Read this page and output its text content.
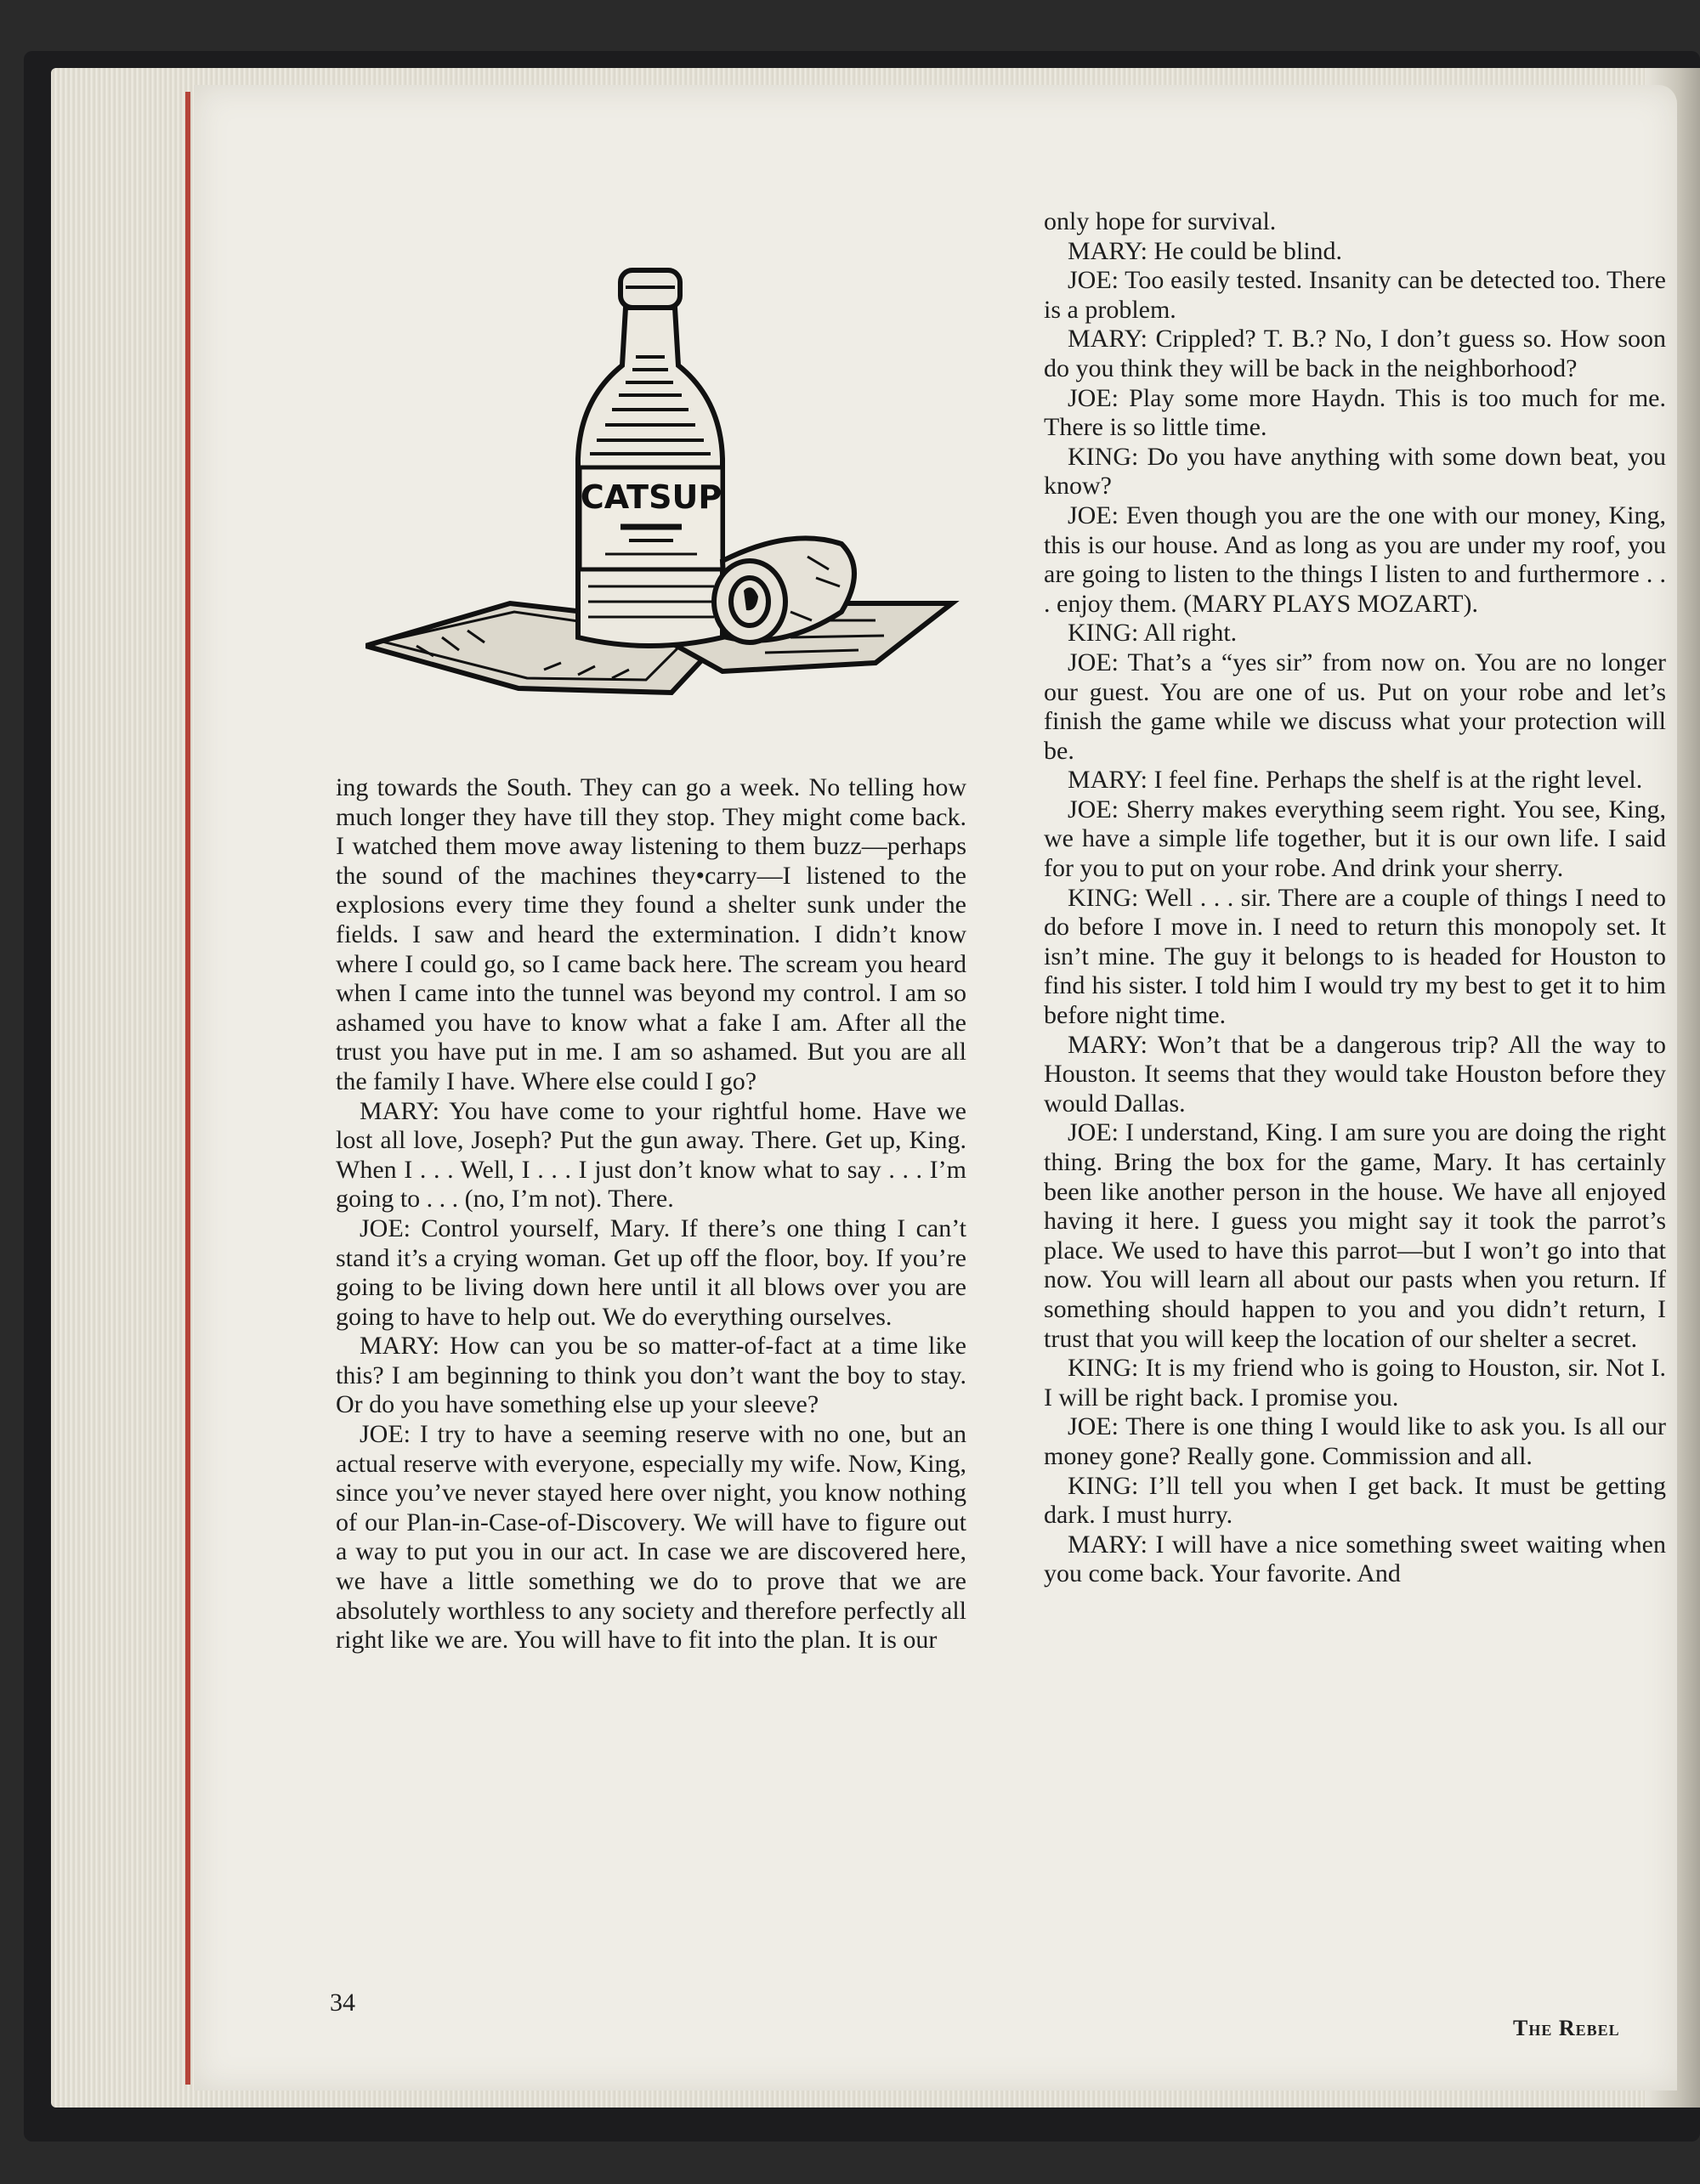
CATSUP

ing towards the South. They can go a week. No telling how much longer they have till they stop. They might come back. I watched them move away listening to them buzz—perhaps the sound of the machines they•carry—I listened to the explosions every time they found a shelter sunk under the fields. I saw and heard the extermination. I didn’t know where I could go, so I came back here. The scream you heard when I came into the tunnel was beyond my control. I am so ashamed you have to know what a fake I am. After all the trust you have put in me. I am so ashamed. But you are all the family I have. Where else could I go?

MARY: You have come to your rightful home. Have we lost all love, Joseph? Put the gun away. There. Get up, King. When I . . . Well, I . . . I just don’t know what to say . . . I’m going to . . . (no, I’m not). There.

JOE: Control yourself, Mary. If there’s one thing I can’t stand it’s a crying woman. Get up off the floor, boy. If you’re going to be living down here until it all blows over you are going to have to help out. We do everything ourselves.

MARY: How can you be so matter-of-fact at a time like this? I am beginning to think you don’t want the boy to stay. Or do you have something else up your sleeve?

JOE: I try to have a seeming reserve with no one, but an actual reserve with everyone, especially my wife. Now, King, since you’ve never stayed here over night, you know nothing of our Plan-in-Case-of-Discovery. We will have to figure out a way to put you in our act. In case we are discovered here, we have a little something we do to prove that we are absolutely worthless to any society and therefore perfectly all right like we are. You will have to fit into the plan. It is our

only hope for survival.

MARY: He could be blind.

JOE: Too easily tested. Insanity can be detected too. There is a problem.

MARY: Crippled? T. B.? No, I don’t guess so. How soon do you think they will be back in the neighborhood?

JOE: Play some more Haydn. This is too much for me. There is so little time.

KING: Do you have anything with some down beat, you know?

JOE: Even though you are the one with our money, King, this is our house. And as long as you are under my roof, you are going to listen to the things I listen to and furthermore . . . enjoy them. (MARY PLAYS MOZART).

KING: All right.

JOE: That’s a “yes sir” from now on. You are no longer our guest. You are one of us. Put on your robe and let’s finish the game while we discuss what your protection will be.

MARY: I feel fine. Perhaps the shelf is at the right level.

JOE: Sherry makes everything seem right. You see, King, we have a simple life together, but it is our own life. I said for you to put on your robe. And drink your sherry.

KING: Well . . . sir. There are a couple of things I need to do before I move in. I need to return this monopoly set. It isn’t mine. The guy it belongs to is headed for Houston to find his sister. I told him I would try my best to get it to him before night time.

MARY: Won’t that be a dangerous trip? All the way to Houston. It seems that they would take Houston before they would Dallas.

JOE: I understand, King. I am sure you are doing the right thing. Bring the box for the game, Mary. It has certainly been like another person in the house. We have all enjoyed having it here. I guess you might say it took the parrot’s place. We used to have this parrot—but I won’t go into that now. You will learn all about our pasts when you return. If something should happen to you and you didn’t return, I trust that you will keep the location of our shelter a secret.

KING: It is my friend who is going to Houston, sir. Not I. I will be right back. I promise you.

JOE: There is one thing I would like to ask you. Is all our money gone? Really gone. Commission and all.

KING: I’ll tell you when I get back. It must be getting dark. I must hurry.

MARY: I will have a nice something sweet waiting when you come back. Your favorite. And

34
The Rebel
